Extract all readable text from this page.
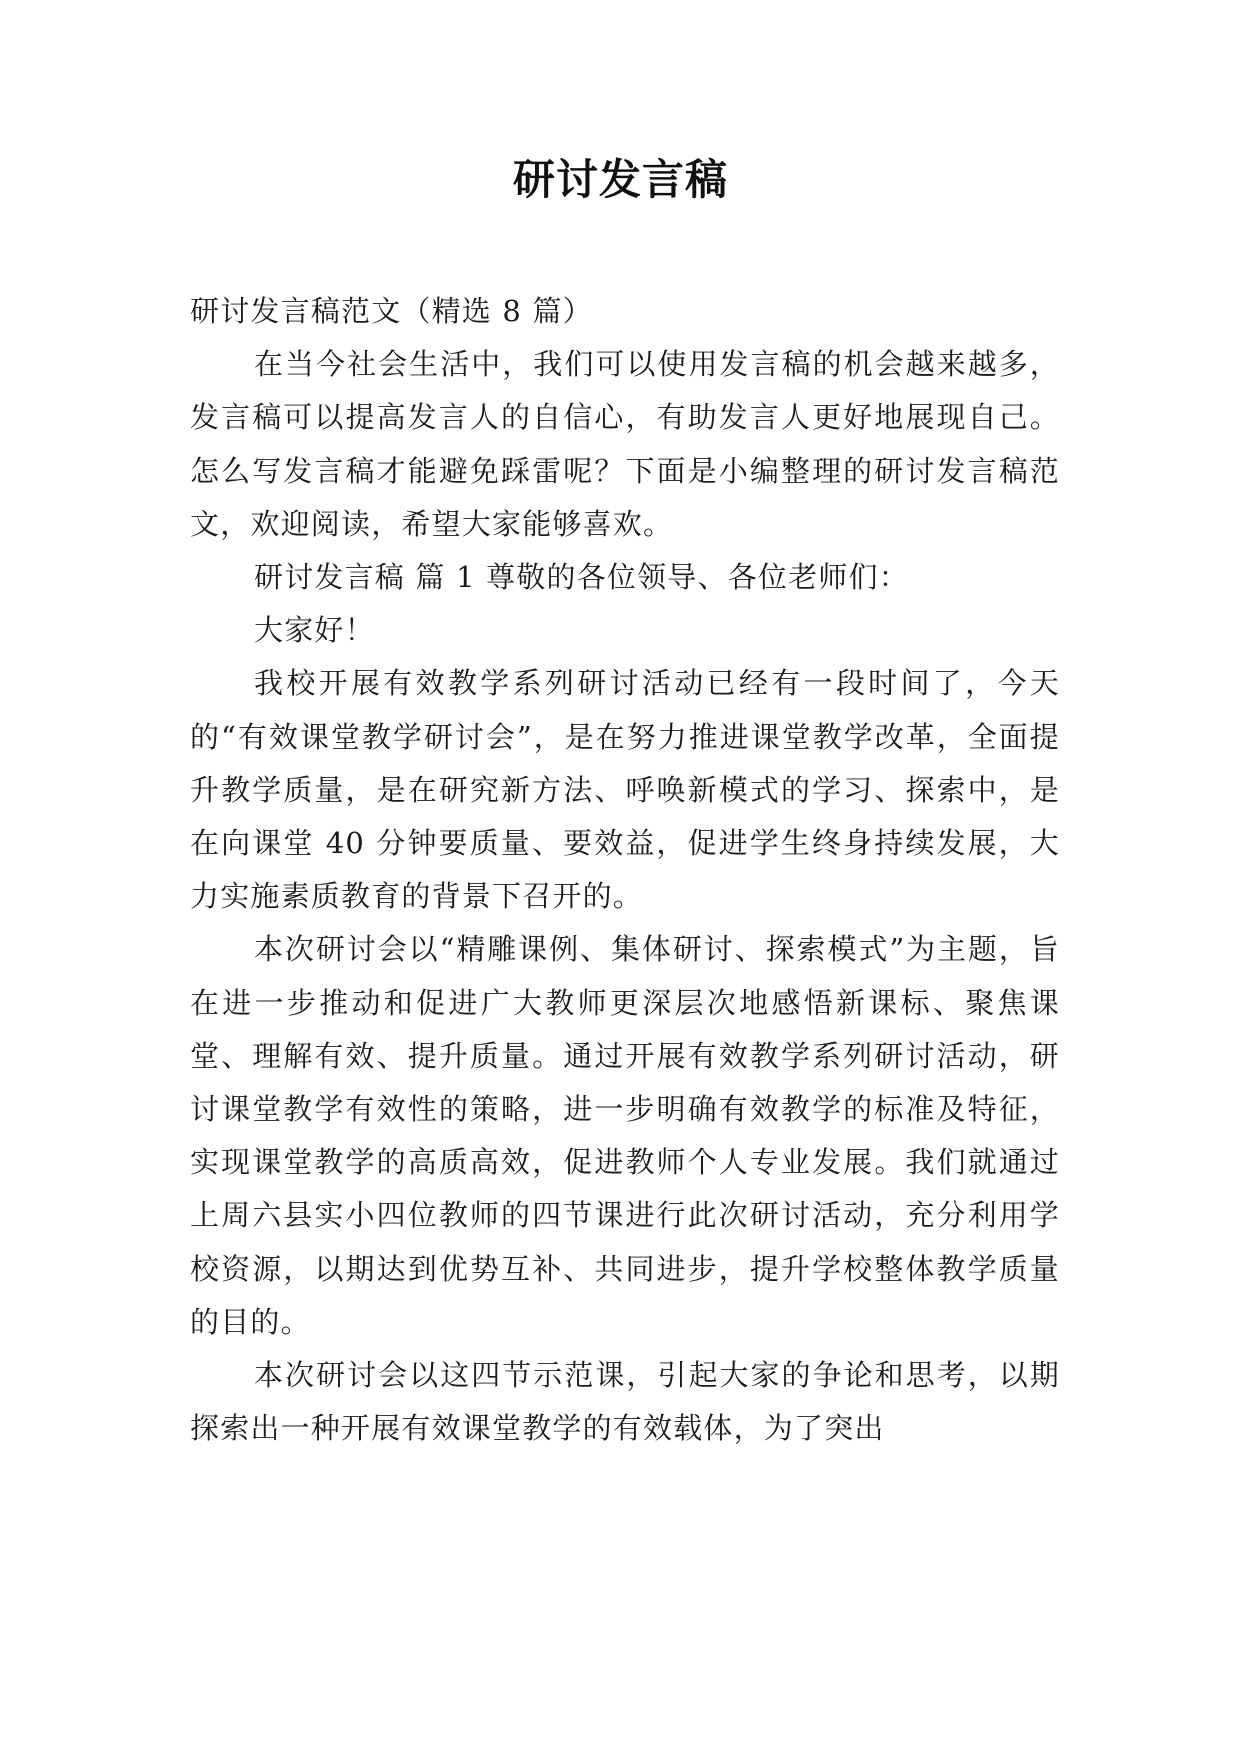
研讨发言稿

研讨发言稿范文（精选 8 篇）

在当今社会生活中，我们可以使用发言稿的机会越来越多，发言稿可以提高发言人的自信心，有助发言人更好地展现自己。怎么写发言稿才能避免踩雷呢？下面是小编整理的研讨发言稿范文，欢迎阅读，希望大家能够喜欢。

研讨发言稿 篇 1 尊敬的各位领导、各位老师们：

大家好！

我校开展有效教学系列研讨活动已经有一段时间了，今天的“有效课堂教学研讨会”，是在努力推进课堂教学改革，全面提升教学质量，是在研究新方法、呼唤新模式的学习、探索中，是在向课堂 40 分钟要质量、要效益，促进学生终身持续发展，大力实施素质教育的背景下召开的。

本次研讨会以“精雕课例、集体研讨、探索模式”为主题，旨在进一步推动和促进广大教师更深层次地感悟新课标、聚焦课堂、理解有效、提升质量。通过开展有效教学系列研讨活动，研讨课堂教学有效性的策略，进一步明确有效教学的标准及特征，实现课堂教学的高质高效，促进教师个人专业发展。我们就通过上周六县实小四位教师的四节课进行此次研讨活动，充分利用学校资源，以期达到优势互补、共同进步，提升学校整体教学质量的目的。

本次研讨会以这四节示范课，引起大家的争论和思考，以期探索出一种开展有效课堂教学的有效载体，为了突出
